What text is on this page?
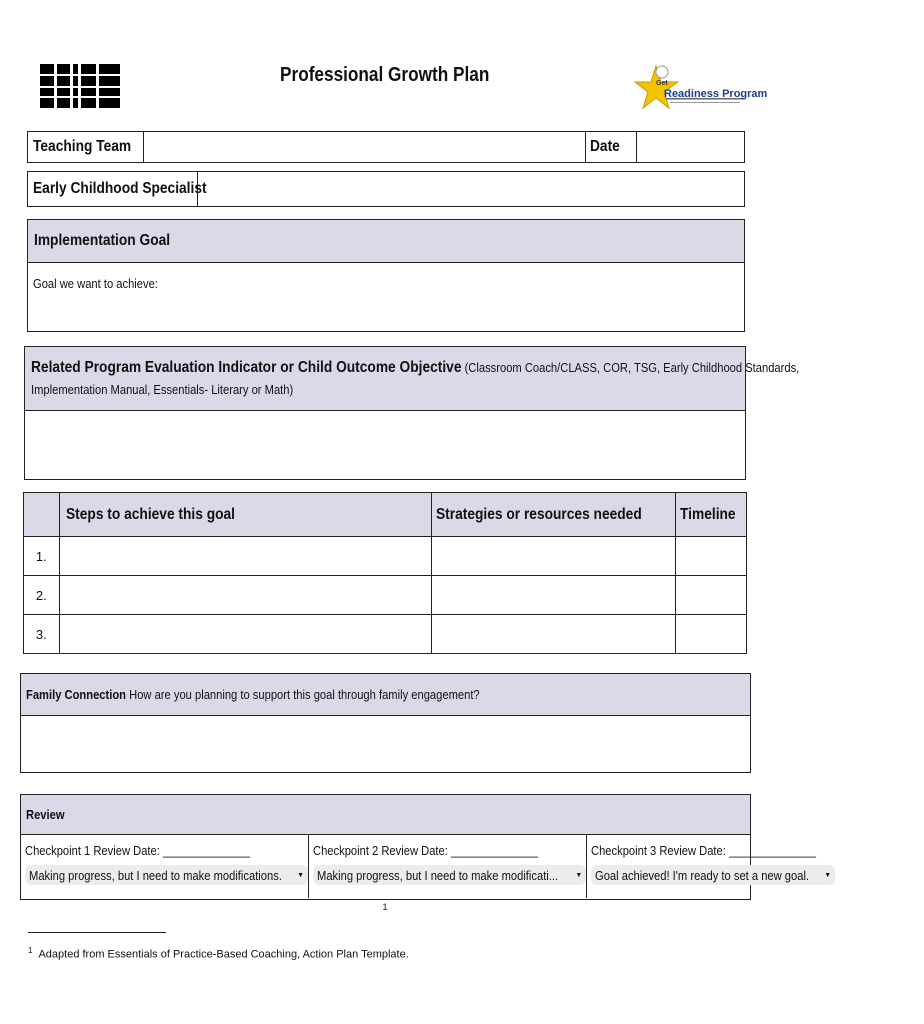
Professional Growth Plan	Get
Readiness Program
Teaching Team	Date
Early Childhood Specialist
Implementation Goal
Goal we want to achieve:
Related Program Evaluation Indicator or Child Outcome Objective (Classroom Coach/CLASS, COR, TSG, Early Childhood Standards,
Implementation Manual, Essentials- Literary or Math)
	Steps to achieve this goal	Strategies or resources needed	Timeline
1.			
2.			
3.			
Family Connection How are you planning to support this goal through family engagement?
Review
Checkpoint 1 Review Date: ______________
Making progress, but I need to make modifications. ▼
Checkpoint 2 Review Date: ______________
Making progress, but I need to make modificati... ▼
Checkpoint 3 Review Date: ______________
Goal achieved! I'm ready to set a new goal. ▼
1
$^1$ Adapted from Essentials of Practice-Based Coaching, Action Plan Template.
